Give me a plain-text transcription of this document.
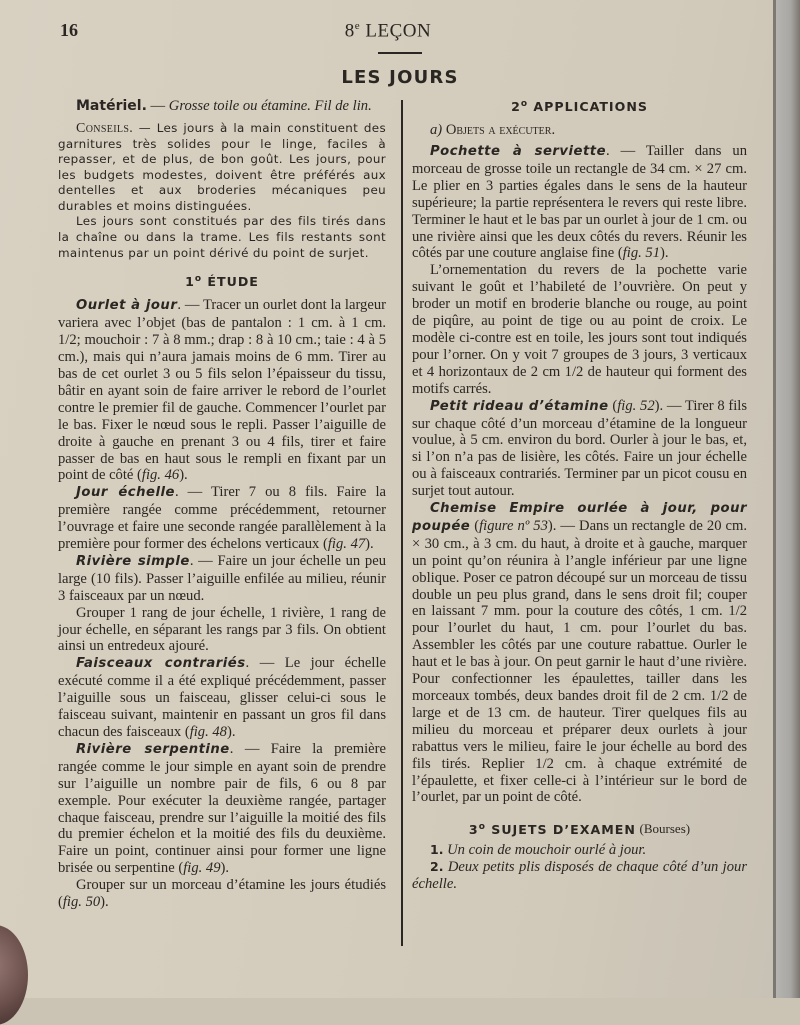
16	8e LEÇON
LES JOURS

Matériel. — Grosse toile ou étamine. Fil de lin.

Conseils. — Les jours à la main constituent des garnitures très solides pour le linge, faciles à repasser, et de plus, de bon goût. Les jours, pour les budgets modestes, doivent être préférés aux dentelles et aux broderies mécaniques peu durables et moins distinguées.

Les jours sont constitués par des fils tirés dans la chaîne ou dans la trame. Les fils restants sont maintenus par un point dérivé du point de surjet.

1$^o$ ÉTUDE

Ourlet à jour. — Tracer un ourlet dont la largeur variera avec l’objet (bas de pantalon : 1 cm. à 1 cm. 1/2; mouchoir : 7 à 8 mm.; drap : 8 à 10 cm.; taie : 4 à 5 cm.), mais qui n’aura jamais moins de 6 mm. Tirer au bas de cet ourlet 3 ou 5 fils selon l’épaisseur du tissu, bâtir en ayant soin de faire arriver le rebord de l’ourlet contre le premier fil de gauche. Commencer l’ourlet par le bas. Fixer le nœud sous le repli. Passer l’aiguille de droite à gauche en prenant 3 ou 4 fils, tirer et faire passer de bas en haut sous le rempli en fixant par un point de côté (fig. 46).

Jour échelle. — Tirer 7 ou 8 fils. Faire la première rangée comme précédemment, retourner l’ouvrage et faire une seconde rangée parallèlement à la première pour former des échelons verticaux (fig. 47).

Rivière simple. — Faire un jour échelle un peu large (10 fils). Passer l’aiguille enfilée au milieu, réunir 3 faisceaux par un nœud.

Grouper 1 rang de jour échelle, 1 rivière, 1 rang de jour échelle, en séparant les rangs par 3 fils. On obtient ainsi un entredeux ajouré.

Faisceaux contrariés. — Le jour échelle exécuté comme il a été expliqué précédemment, passer l’aiguille sous un faisceau, glisser celui-ci sous le faisceau suivant, maintenir en passant un gros fil dans chacun des faisceaux (fig. 48).

Rivière serpentine. — Faire la première rangée comme le jour simple en ayant soin de prendre sur l’aiguille un nombre pair de fils, 6 ou 8 par exemple. Pour exécuter la deuxième rangée, partager chaque faisceau, prendre sur l’aiguille la moitié des fils du premier échelon et la moitié des fils du deuxième. Faire un point, continuer ainsi pour former une ligne brisée ou serpentine (fig. 49).

Grouper sur un morceau d’étamine les jours étudiés (fig. 50).

2$^o$ APPLICATIONS

a) Objets a exécuter.

Pochette à serviette. — Tailler dans un morceau de grosse toile un rectangle de 34 cm. × 27 cm. Le plier en 3 parties égales dans le sens de la hauteur supérieure; la partie représentera le revers qui reste libre. Terminer le haut et le bas par un ourlet à jour de 1 cm. ou une rivière ainsi que les deux côtés du revers. Réunir les côtés par une couture anglaise fine (fig. 51).

L’ornementation du revers de la pochette varie suivant le goût et l’habileté de l’ouvrière. On peut y broder un motif en broderie blanche ou rouge, au point de piqûre, au point de tige ou au point de croix. Le modèle ci-contre est en toile, les jours sont tout indiqués pour l’orner. On y voit 7 groupes de 3 jours, 3 verticaux et 4 horizontaux de 2 cm 1/2 de hauteur qui forment des motifs carrés.

Petit rideau d’étamine (fig. 52). — Tirer 8 fils sur chaque côté d’un morceau d’étamine de la longueur voulue, à 5 cm. environ du bord. Ourler à jour le bas, et, si l’on n’a pas de lisière, les côtés. Faire un jour échelle ou à faisceaux contrariés. Terminer par un picot cousu en surjet tout autour.

Chemise Empire ourlée à jour, pour poupée (figure nº 53). — Dans un rectangle de 20 cm. × 30 cm., à 3 cm. du haut, à droite et à gauche, marquer un point qu’on réunira à l’angle inférieur par une ligne oblique. Poser ce patron découpé sur un morceau de tissu double un peu plus grand, dans le sens droit fil; couper en laissant 7 mm. pour la couture des côtés, 1 cm. 1/2 pour l’ourlet du haut, 1 cm. pour l’ourlet du bas. Assembler les côtés par une couture rabattue. Ourler le haut et le bas à jour. On peut garnir le haut d’une rivière. Pour confectionner les épaulettes, tailler dans les morceaux tombés, deux bandes droit fil de 2 cm. 1/2 de large et de 13 cm. de hauteur. Tirer quelques fils au milieu du morceau et préparer deux ourlets à jour rabattus vers le milieu, faire le jour échelle au bord des fils tirés. Replier 1/2 cm. à chaque extrémité de l’épaulette, et fixer celle-ci à l’intérieur sur le bord de l’ourlet, par un point de côté.

3$^o$ SUJETS D’EXAMEN (Bourses)

1. Un coin de mouchoir ourlé à jour.

2. Deux petits plis disposés de chaque côté d’un jour échelle.
